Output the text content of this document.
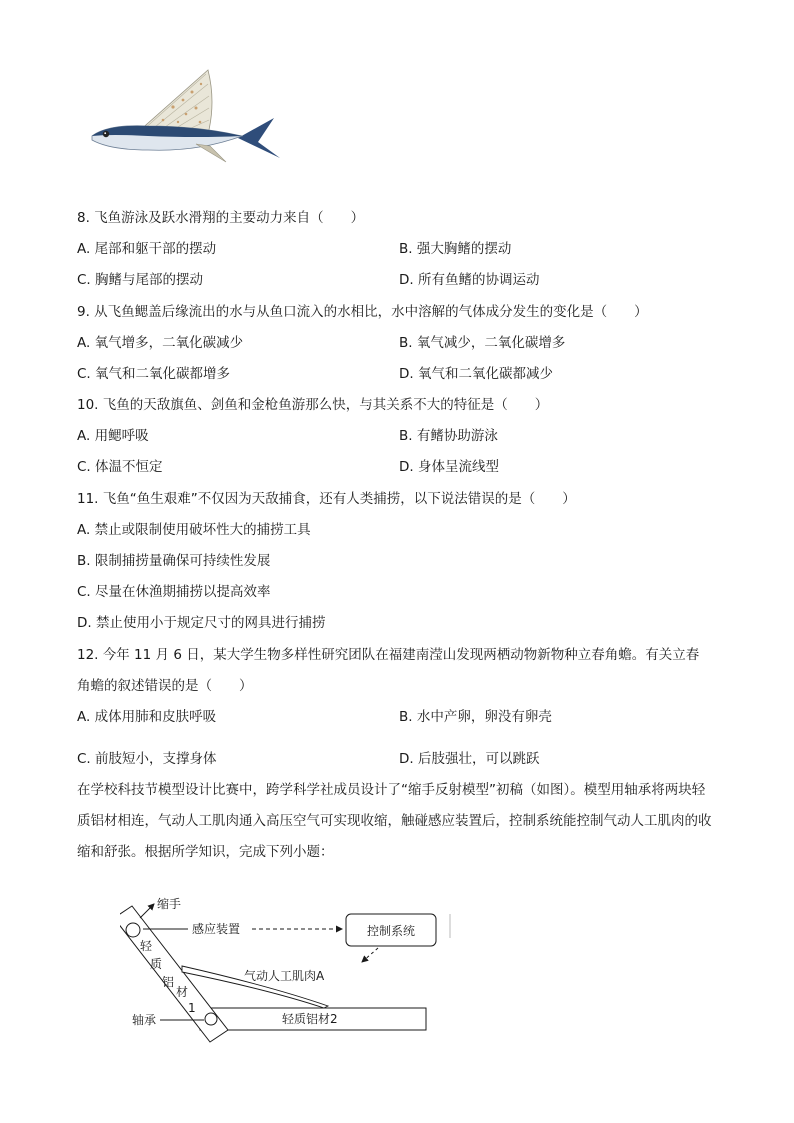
8. 飞鱼游泳及跃水滑翔的主要动力来自（　　）
A. 尾部和躯干部的摆动	B. 强大胸鳍的摆动
C. 胸鳍与尾部的摆动	D. 所有鱼鳍的协调运动
9. 从飞鱼鳃盖后缘流出的水与从鱼口流入的水相比，水中溶解的气体成分发生的变化是（　　）
A. 氧气增多，二氧化碳减少	B. 氧气减少，二氧化碳增多
C. 氧气和二氧化碳都增多	D. 氧气和二氧化碳都减少
10. 飞鱼的天敌旗鱼、剑鱼和金枪鱼游那么快，与其关系不大的特征是（　　）
A. 用鳃呼吸	B. 有鳍协助游泳
C. 体温不恒定	D. 身体呈流线型
11. 飞鱼“鱼生艰难”不仅因为天敌捕食，还有人类捕捞，以下说法错误的是（　　）
A. 禁止或限制使用破坏性大的捕捞工具
B. 限制捕捞量确保可持续性发展
C. 尽量在休渔期捕捞以提高效率
D. 禁止使用小于规定尺寸的网具进行捕捞
12. 今年 11 月 6 日，某大学生物多样性研究团队在福建南滢山发现两栖动物新物种立春角蟾。有关立春
角蟾的叙述错误的是（　　）
A. 成体用肺和皮肤呼吸	B. 水中产卵，卵没有卵壳
C. 前肢短小，支撑身体	D. 后肢强壮，可以跳跃
在学校科技节模型设计比赛中，跨学科学社成员设计了“缩手反射模型”初稿（如图）。模型用轴承将两块轻质铝材相连，气动人工肌肉通入高压空气可实现收缩，触碰感应装置后，控制系统能控制气动人工肌肉的收缩和舒张。根据所学知识，完成下列小题：
轻质铝材2
轻
质
铝
材
1
缩手
感应装置	控制系统
气动人工肌肉A
轴承
